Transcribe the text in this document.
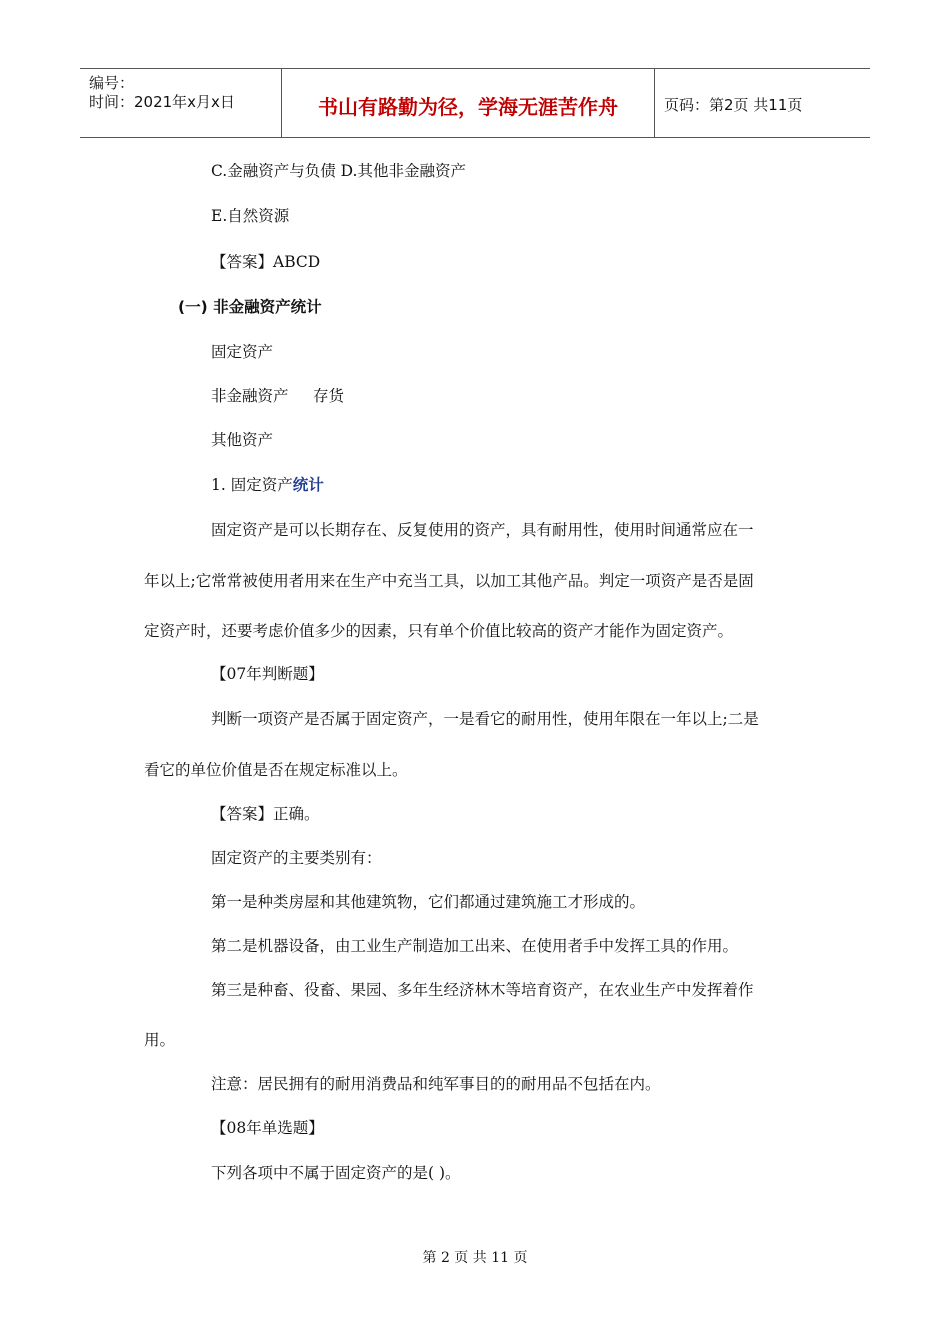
编号：
时间：2021年x月x日	书山有路勤为径，学海无涯苦作舟	页码：第2页 共11页
C.金融资产与负债 D.其他非金融资产
E.自然资源
【答案】ABCD
(一) 非金融资产统计
固定资产
非金融资产 存货
其他资产
1. 固定资产统计
固定资产是可以长期存在、反复使用的资产，具有耐用性，使用时间通常应在一
年以上;它常常被使用者用来在生产中充当工具，以加工其他产品。判定一项资产是否是固
定资产时，还要考虑价值多少的因素，只有单个价值比较高的资产才能作为固定资产。
【07年判断题】
判断一项资产是否属于固定资产，一是看它的耐用性，使用年限在一年以上;二是
看它的单位价值是否在规定标准以上。
【答案】正确。
固定资产的主要类别有：
第一是种类房屋和其他建筑物，它们都通过建筑施工才形成的。
第二是机器设备，由工业生产制造加工出来、在使用者手中发挥工具的作用。
第三是种畜、役畜、果园、多年生经济林木等培育资产，在农业生产中发挥着作
用。
注意：居民拥有的耐用消费品和纯军事目的的耐用品不包括在内。
【08年单选题】
下列各项中不属于固定资产的是( )。
第 2 页 共 11 页
